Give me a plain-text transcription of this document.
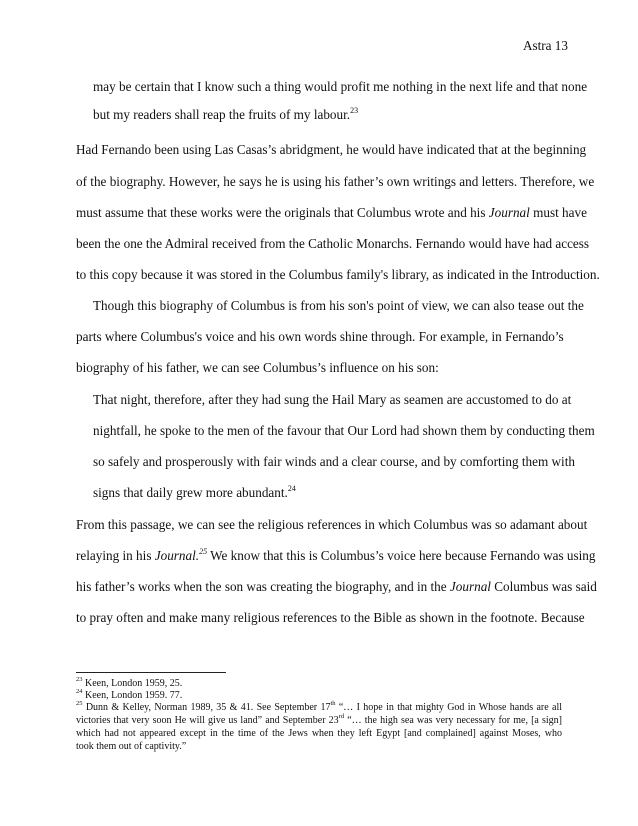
Astra 13
may be certain that I know such a thing would profit me nothing in the next life and that none
but my readers shall reap the fruits of my labour.$^{23}$
Had Fernando been using Las Casas’s abridgment, he would have indicated that at the beginning
of the biography. However, he says he is using his father’s own writings and letters. Therefore, we
must assume that these works were the originals that Columbus wrote and his Journal must have
been the one the Admiral received from the Catholic Monarchs. Fernando would have had access
to this copy because it was stored in the Columbus family's library, as indicated in the Introduction.
Though this biography of Columbus is from his son's point of view, we can also tease out the
parts where Columbus's voice and his own words shine through. For example, in Fernando’s
biography of his father, we can see Columbus’s influence on his son:
That night, therefore, after they had sung the Hail Mary as seamen are accustomed to do at
nightfall, he spoke to the men of the favour that Our Lord had shown them by conducting them
so safely and prosperously with fair winds and a clear course, and by comforting them with
signs that daily grew more abundant.$^{24}$
From this passage, we can see the religious references in which Columbus was so adamant about
relaying in his Journal.$^{25}$ We know that this is Columbus’s voice here because Fernando was using
his father’s works when the son was creating the biography, and in the Journal Columbus was said
to pray often and make many religious references to the Bible as shown in the footnote. Because
$^{23}$ Keen, London 1959, 25.
$^{24}$ Keen, London 1959. 77.
$^{25}$ Dunn & Kelley, Norman 1989, 35 & 41. See September 17th “… I hope in that mighty God in Whose hands are all
victories that very soon He will give us land” and September 23rd “… the high sea was very necessary for me, [a sign]
which had not appeared except in the time of the Jews when they left Egypt [and complained] against Moses, who
took them out of captivity.”
